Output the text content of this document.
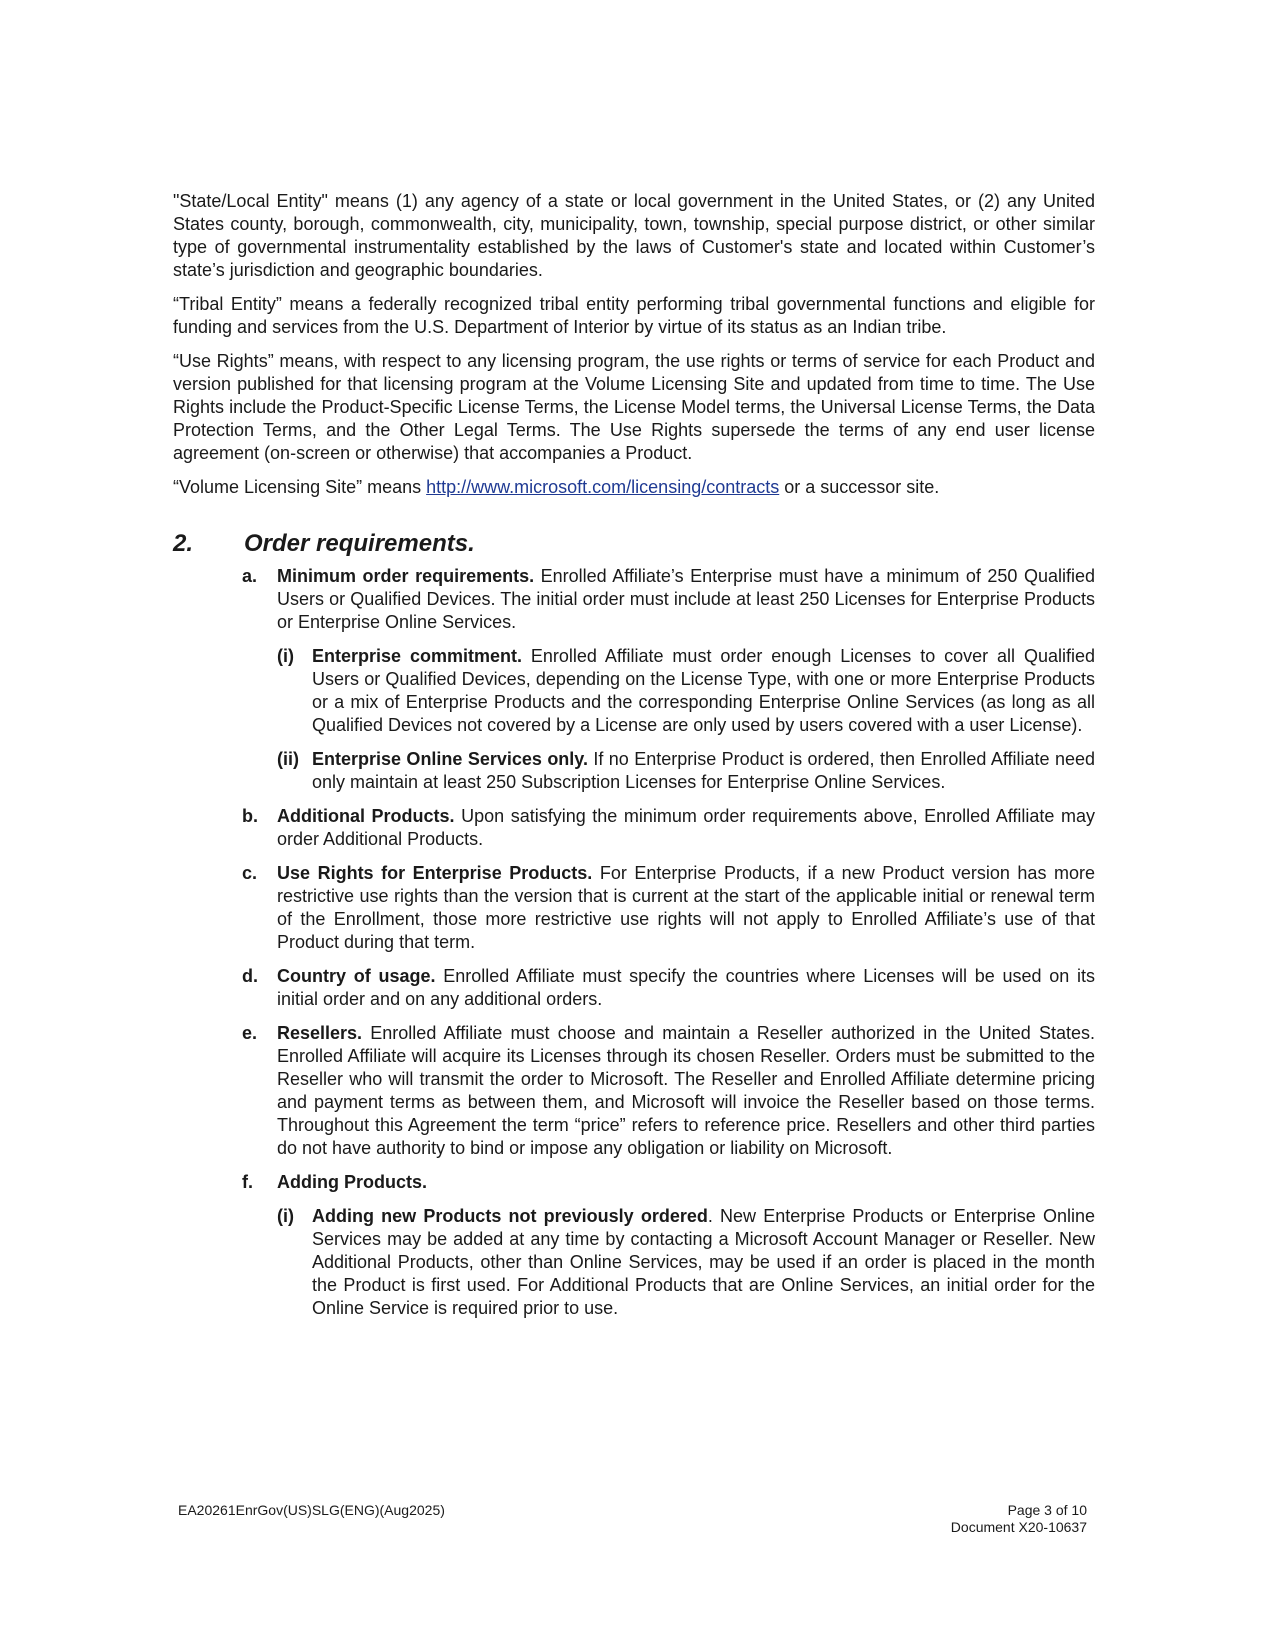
"State/Local Entity" means (1) any agency of a state or local government in the United States, or (2) any United States county, borough, commonwealth, city, municipality, town, township, special purpose district, or other similar type of governmental instrumentality established by the laws of Customer's state and located within Customer’s state’s jurisdiction and geographic boundaries.

“Tribal Entity” means a federally recognized tribal entity performing tribal governmental functions and eligible for funding and services from the U.S. Department of Interior by virtue of its status as an Indian tribe.

“Use Rights” means, with respect to any licensing program, the use rights or terms of service for each Product and version published for that licensing program at the Volume Licensing Site and updated from time to time. The Use Rights include the Product-Specific License Terms, the License Model terms, the Universal License Terms, the Data Protection Terms, and the Other Legal Terms. The Use Rights supersede the terms of any end user license agreement (on-screen or otherwise) that accompanies a Product.

“Volume Licensing Site” means http://www.microsoft.com/licensing/contracts or a successor site.

2.	Order requirements.
a.	Minimum order requirements. Enrolled Affiliate’s Enterprise must have a minimum of 250 Qualified Users or Qualified Devices. The initial order must include at least 250 Licenses for Enterprise Products or Enterprise Online Services.
(i)	Enterprise commitment. Enrolled Affiliate must order enough Licenses to cover all Qualified Users or Qualified Devices, depending on the License Type, with one or more Enterprise Products or a mix of Enterprise Products and the corresponding Enterprise Online Services (as long as all Qualified Devices not covered by a License are only used by users covered with a user License).
(ii) Enterprise Online Services only. If no Enterprise Product is ordered, then Enrolled Affiliate need only maintain at least 250 Subscription Licenses for Enterprise Online Services.
b.	Additional Products. Upon satisfying the minimum order requirements above, Enrolled Affiliate may order Additional Products.
c.	Use Rights for Enterprise Products. For Enterprise Products, if a new Product version has more restrictive use rights than the version that is current at the start of the applicable initial or renewal term of the Enrollment, those more restrictive use rights will not apply to Enrolled Affiliate’s use of that Product during that term.
d.	Country of usage. Enrolled Affiliate must specify the countries where Licenses will be used on its initial order and on any additional orders.
e.	Resellers. Enrolled Affiliate must choose and maintain a Reseller authorized in the United States. Enrolled Affiliate will acquire its Licenses through its chosen Reseller. Orders must be submitted to the Reseller who will transmit the order to Microsoft. The Reseller and Enrolled Affiliate determine pricing and payment terms as between them, and Microsoft will invoice the Reseller based on those terms. Throughout this Agreement the term “price” refers to reference price. Resellers and other third parties do not have authority to bind or impose any obligation or liability on Microsoft.
f.	Adding Products.
(i)	Adding new Products not previously ordered. New Enterprise Products or Enterprise Online Services may be added at any time by contacting a Microsoft Account Manager or Reseller. New Additional Products, other than Online Services, may be used if an order is placed in the month the Product is first used. For Additional Products that are Online Services, an initial order for the Online Service is required prior to use.
EA20261EnrGov(US)SLG(ENG)(Aug2025)	Page 3 of 10
Document X20-10637
